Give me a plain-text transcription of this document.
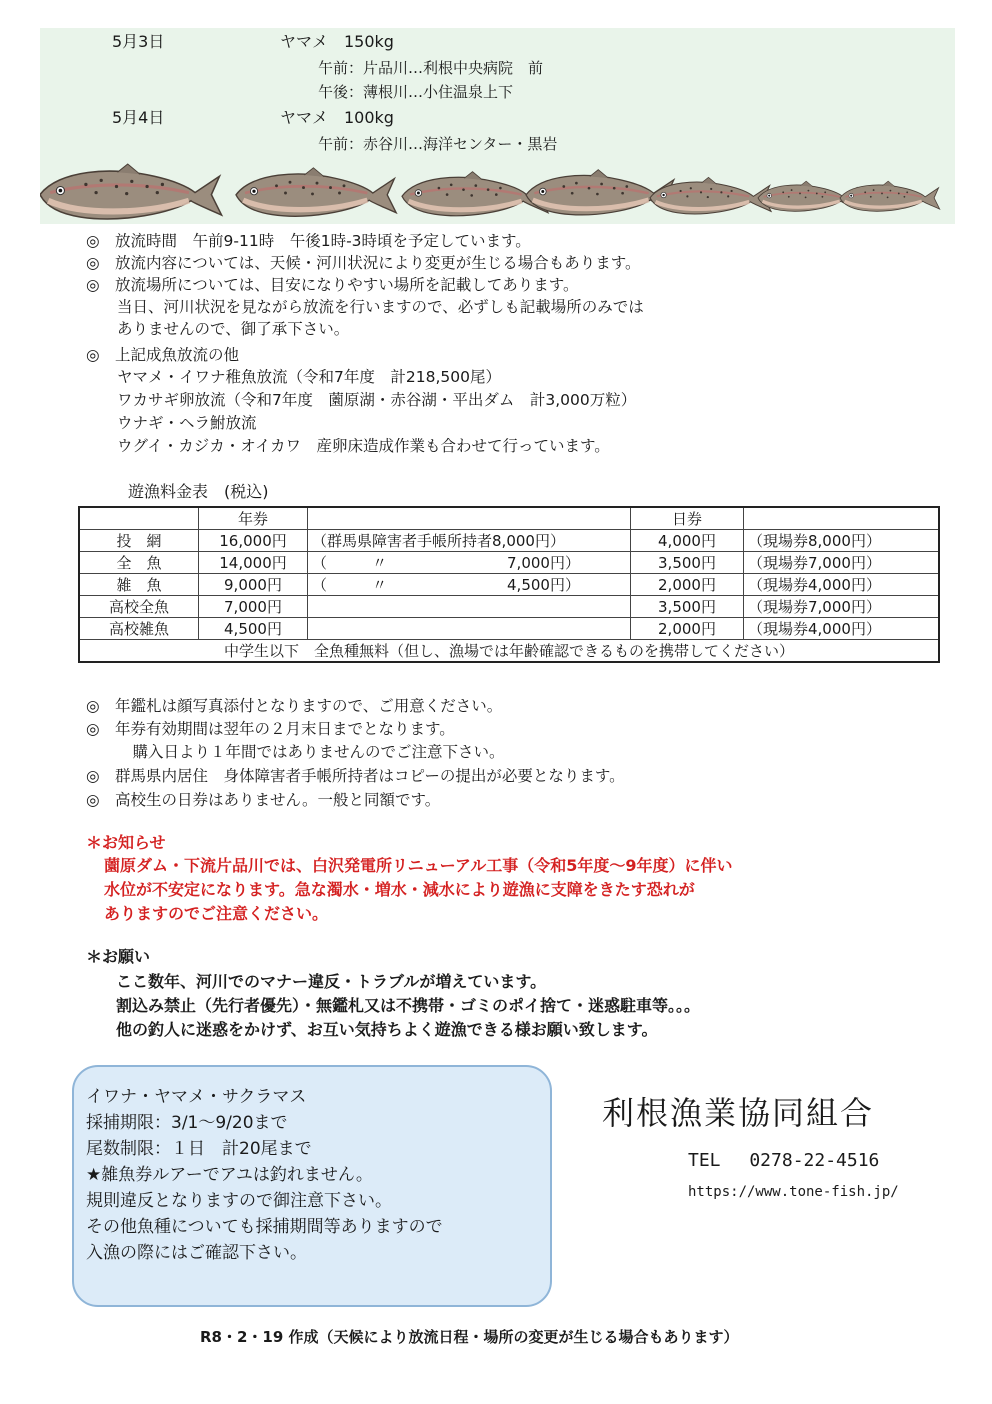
5月3日	ヤマメ　150kg
午前：片品川…利根中央病院　前
午後：薄根川…小住温泉上下
5月4日	ヤマメ　100kg
午前：赤谷川…海洋センター・黒岩
◎　放流時間　午前9-11時　午後1時-3時頃を予定しています。
◎　放流内容については、天候・河川状況により変更が生じる場合もあります。
◎　放流場所については、目安になりやすい場所を記載してあります。
　　当日、河川状況を見ながら放流を行いますので、必ずしも記載場所のみでは
　　ありませんので、御了承下さい。
◎　上記成魚放流の他
　　ヤマメ・イワナ稚魚放流（令和7年度　計218,500尾）
　　ワカサギ卵放流（令和7年度　薗原湖・赤谷湖・平出ダム　計3,000万粒）
　　ウナギ・ヘラ鮒放流
　　ウグイ・カジカ・オイカワ　産卵床造成作業も合わせて行っています。
遊漁料金表　(税込)
	年券		日券	
投　網	16,000円	（群馬県障害者手帳所持者8,000円）	4,000円	（現場券8,000円）
全　魚	14,000円	（　　　〃　　　　　　　　7,000円）	3,500円	（現場券7,000円）
雑　魚	9,000円	（　　　〃　　　　　　　　4,500円）	2,000円	（現場券4,000円）
高校全魚	7,000円		3,500円	（現場券7,000円）
高校雑魚	4,500円		2,000円	（現場券4,000円）
中学生以下　全魚種無料（但し、漁場では年齢確認できるものを携帯してください）				
◎　年鑑札は顔写真添付となりますので、ご用意ください。
◎　年券有効期間は翌年の２月末日までとなります。
　　　購入日より１年間ではありませんのでご注意下さい。
◎　群馬県内居住　身体障害者手帳所持者はコピーの提出が必要となります。
◎　高校生の日券はありません。一般と同額です。
＊お知らせ
薗原ダム・下流片品川では、白沢発電所リニューアル工事（令和5年度～9年度）に伴い
水位が不安定になります。急な濁水・増水・減水により遊漁に支障をきたす恐れが
ありますのでご注意ください。
＊お願い
ここ数年、河川でのマナー違反・トラブルが増えています。
割込み禁止（先行者優先）・無鑑札又は不携帯・ゴミのポイ捨て・迷惑駐車等。。。
他の釣人に迷惑をかけず、お互い気持ちよく遊漁できる様お願い致します。
イワナ・ヤマメ・サクラマス
採捕期限：3/1～9/20まで
尾数制限：１日　計20尾まで
★雑魚券ルアーでアユは釣れません。
規則違反となりますので御注意下さい。
その他魚種についても採捕期間等ありますので
入漁の際にはご確認下さい。
利根漁業協同組合
TEL　 0278-22-4516
https://www.tone-fish.jp/
R8・2・19 作成（天候により放流日程・場所の変更が生じる場合もあります）
